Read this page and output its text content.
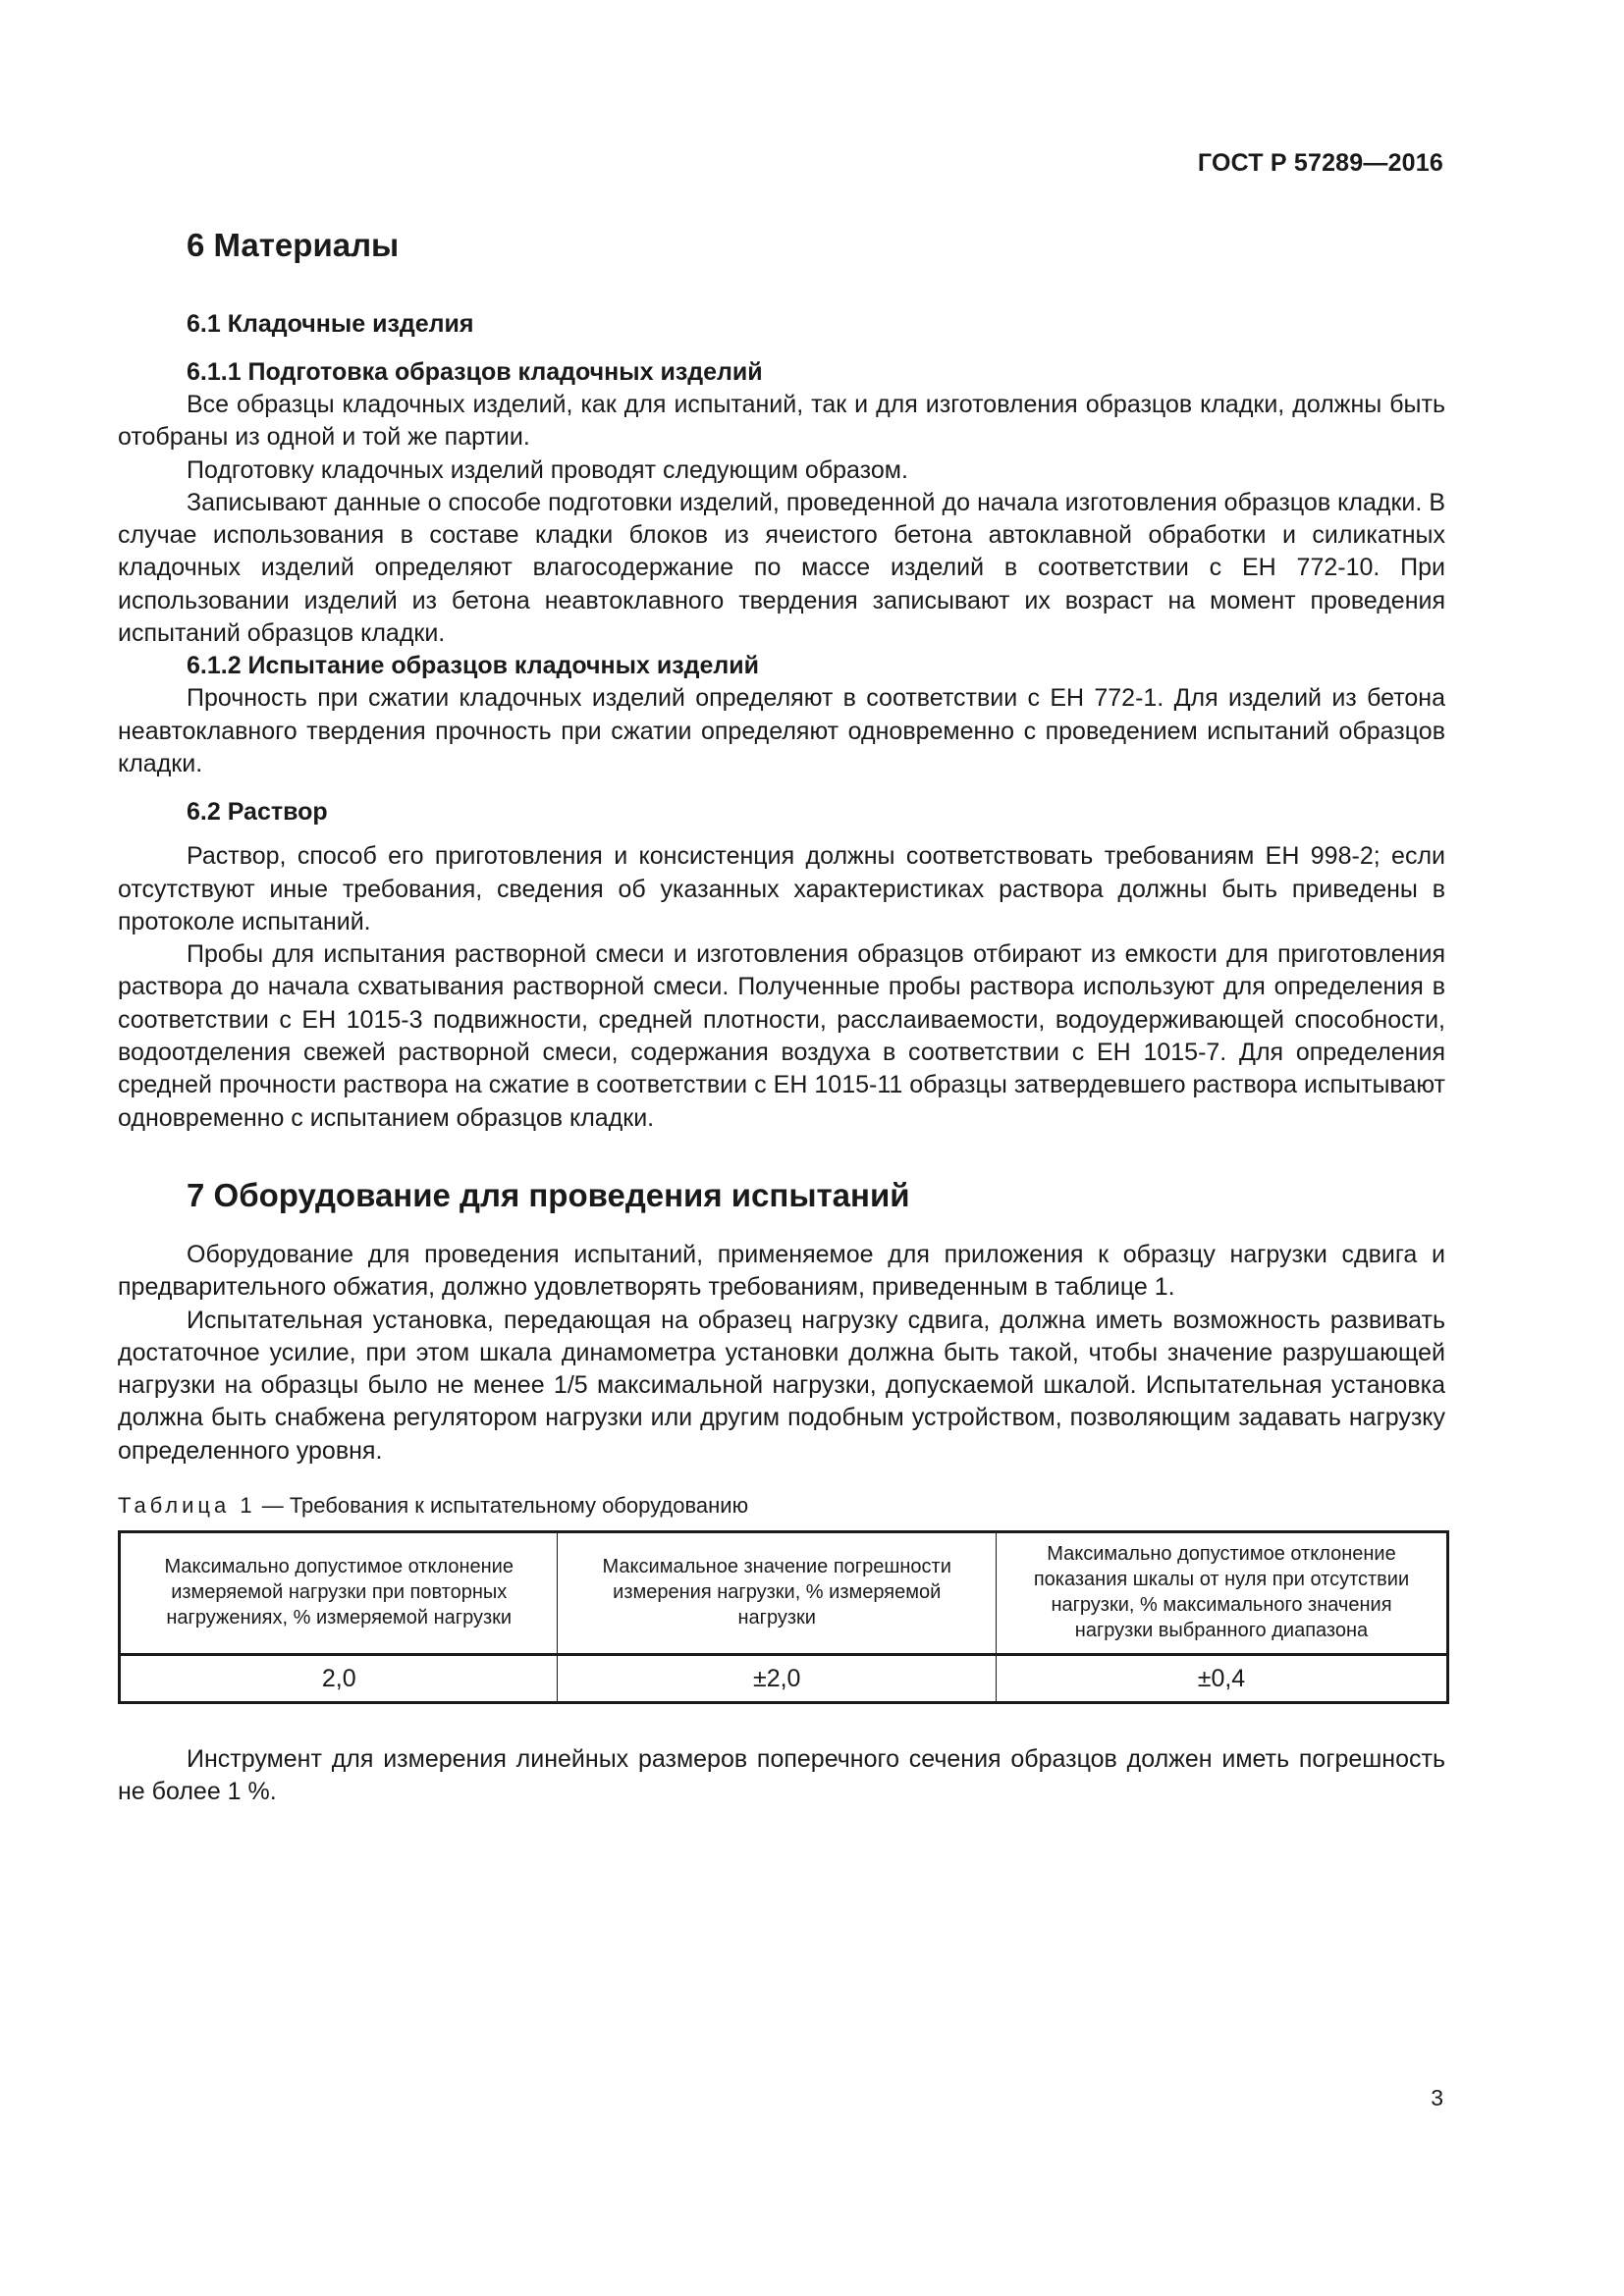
ГОСТ Р 57289—2016
6 Материалы
6.1 Кладочные изделия
6.1.1 Подготовка образцов кладочных изделий

Все образцы кладочных изделий, как для испытаний, так и для изготовления образцов кладки, должны быть отобраны из одной и той же партии.

Подготовку кладочных изделий проводят следующим образом.

Записывают данные о способе подготовки изделий, проведенной до начала изготовления образцов кладки. В случае использования в составе кладки блоков из ячеистого бетона автоклавной обработки и силикатных кладочных изделий определяют влагосодержание по массе изделий в соответствии с ЕН 772-10. При использовании изделий из бетона неавтоклавного твердения записывают их возраст на момент проведения испытаний образцов кладки.

6.1.2 Испытание образцов кладочных изделий

Прочность при сжатии кладочных изделий определяют в соответствии с ЕН 772-1. Для изделий из бетона неавтоклавного твердения прочность при сжатии определяют одновременно с проведением испытаний образцов кладки.

6.2 Раствор

Раствор, способ его приготовления и консистенция должны соответствовать требованиям ЕН 998-2; если отсутствуют иные требования, сведения об указанных характеристиках раствора должны быть приведены в протоколе испытаний.

Пробы для испытания растворной смеси и изготовления образцов отбирают из емкости для приготовления раствора до начала схватывания растворной смеси. Полученные пробы раствора используют для определения в соответствии с ЕН 1015-3 подвижности, средней плотности, расслаиваемости, водоудерживающей способности, водоотделения свежей растворной смеси, содержания воздуха в соответствии с ЕН 1015-7. Для определения средней прочности раствора на сжатие в соответствии с ЕН 1015-11 образцы затвердевшего раствора испытывают одновременно с испытанием образцов кладки.

7 Оборудование для проведения испытаний

Оборудование для проведения испытаний, применяемое для приложения к образцу нагрузки сдвига и предварительного обжатия, должно удовлетворять требованиям, приведенным в таблице 1.

Испытательная установка, передающая на образец нагрузку сдвига, должна иметь возможность развивать достаточное усилие, при этом шкала динамометра установки должна быть такой, чтобы значение разрушающей нагрузки на образцы было не менее 1/5 максимальной нагрузки, допускаемой шкалой. Испытательная установка должна быть снабжена регулятором нагрузки или другим подобным устройством, позволяющим задавать нагрузку определенного уровня.

Таблица 1 — Требования к испытательному оборудованию
Максимально допустимое отклонение измеряемой нагрузки при повторных нагружениях, % измеряемой нагрузки	Максимальное значение погрешности измерения нагрузки, % измеряемой нагрузки	Максимально допустимое отклонение показания шкалы от нуля при отсутствии нагрузки, % максимального значения нагрузки выбранного диапазона
2,0	±2,0	±0,4

Инструмент для измерения линейных размеров поперечного сечения образцов должен иметь погрешность не более 1 %.

3
